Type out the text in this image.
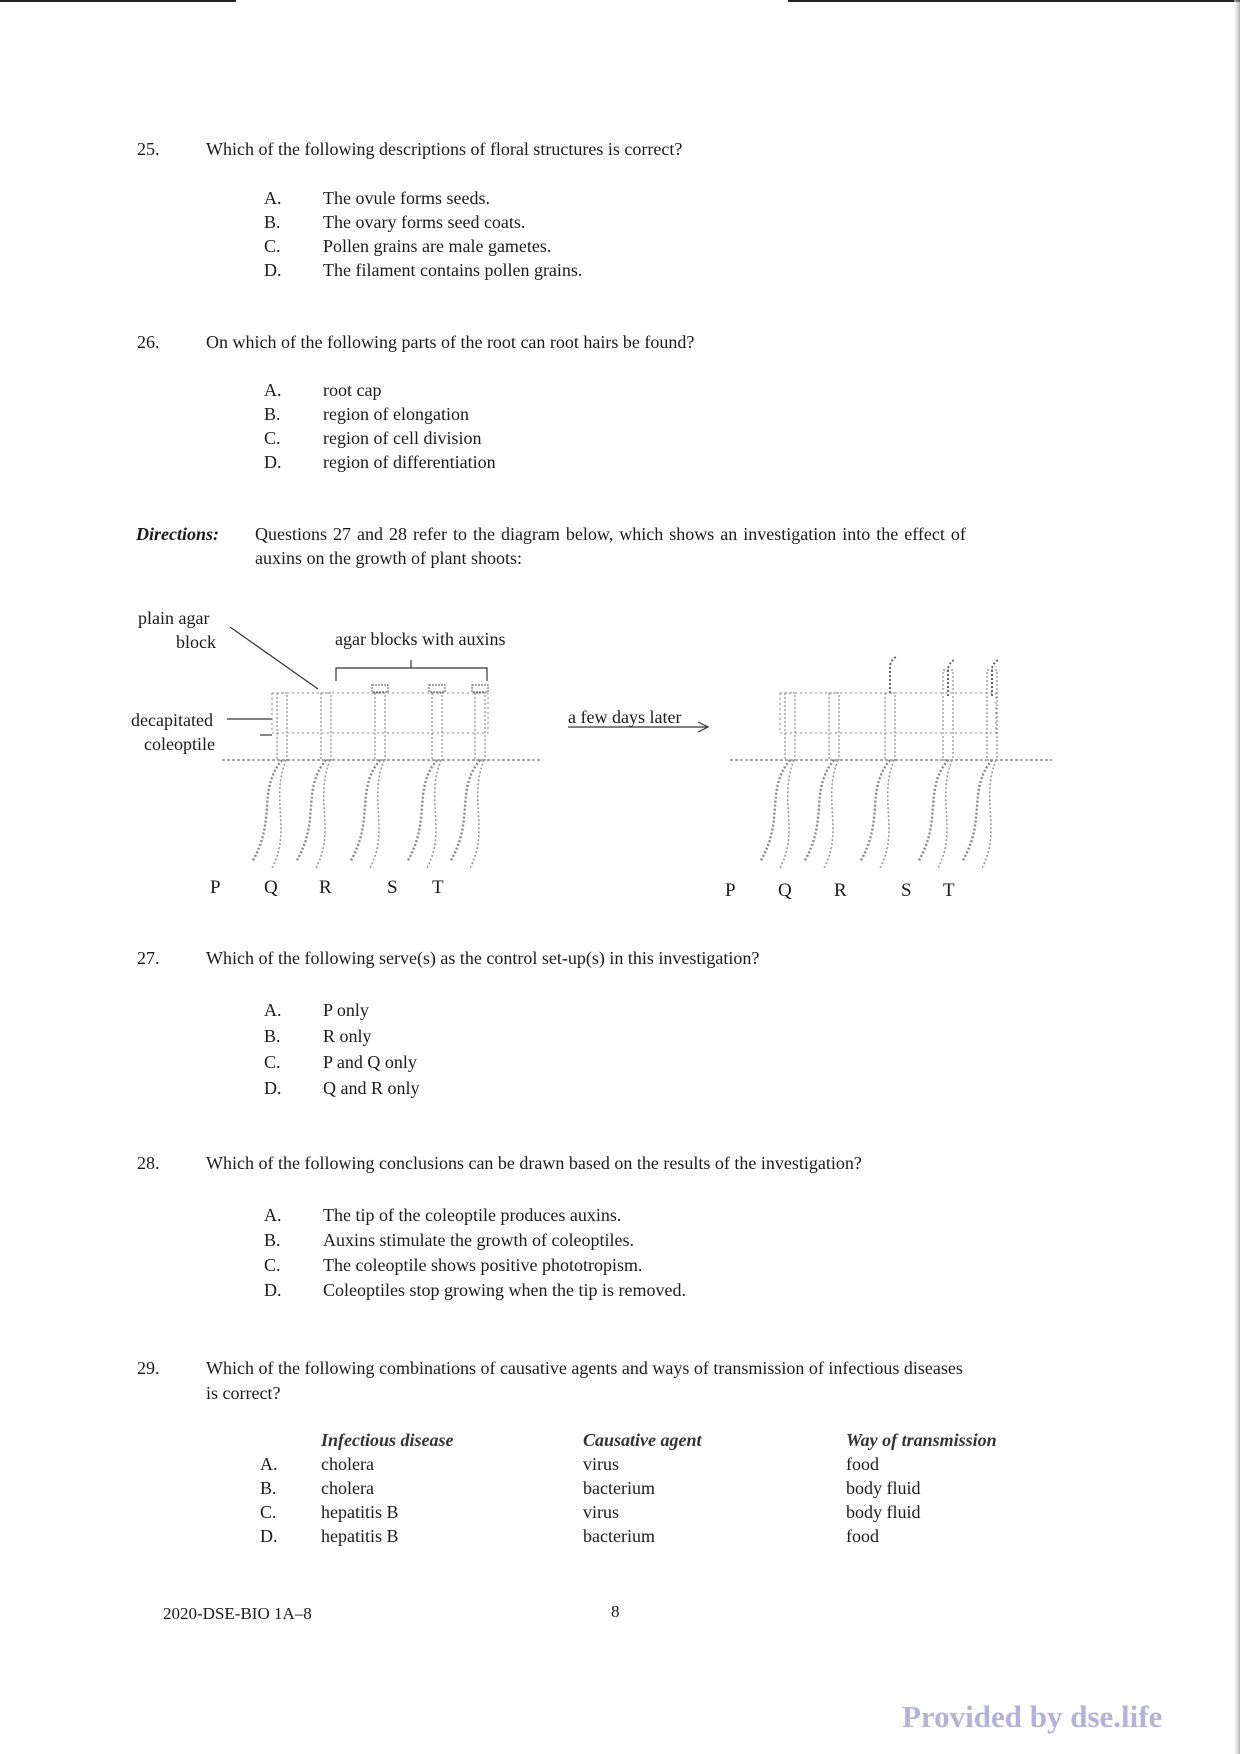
25.	Which of the following descriptions of floral structures is correct?
A. The ovule forms seeds.
B. The ovary forms seed coats.
C. Pollen grains are male gametes.
D. The filament contains pollen grains.
26.	On which of the following parts of the root can root hairs be found?
A. root cap
B. region of elongation
C. region of cell division
D. region of differentiation
Directions: Questions 27 and 28 refer to the diagram below, which shows an investigation into the effect of
auxins on the growth of plant shoots:
plain agar
block	agar blocks with auxins
decapitated
coleoptile
a few days later
P Q R	S T	P Q R	S T
27.	Which of the following serve(s) as the control set-up(s) in this investigation?
A. P only
B. R only
C. P and Q only
D. Q and R only
28.	Which of the following conclusions can be drawn based on the results of the investigation?
A. The tip of the coleoptile produces auxins.
B. Auxins stimulate the growth of coleoptiles.
C. The coleoptile shows positive phototropism.
D. Coleoptiles stop growing when the tip is removed.
29.	Which of the following combinations of causative agents and ways of transmission of infectious diseases
is correct?
	Infectious disease	Causative agent	Way of transmission
A.	cholera	virus	food
B.	cholera	bacterium	body fluid
C.	hepatitis B	virus	body fluid
D.	hepatitis B	bacterium	food
2020-DSE-BIO 1A–8	8
Provided by dse.life
